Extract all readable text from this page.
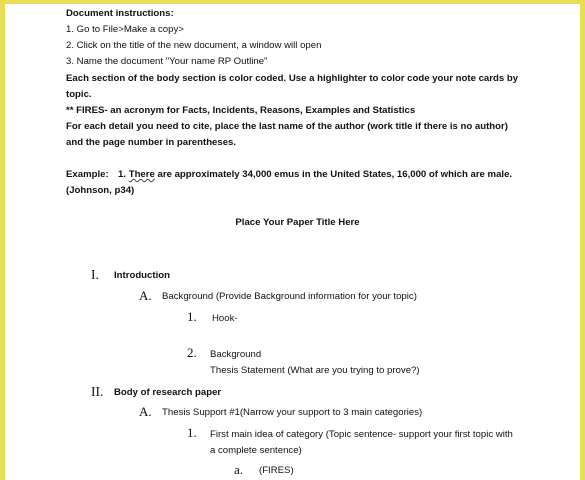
Document instructions:
1. Go to File>Make a copy>
2. Click on the title of the new document, a window will open
3. Name the document "Your name RP Outline"
Each section of the body section is color coded. Use a highlighter to color code your note cards by
topic.
** FIRES- an acronym for Facts, Incidents, Reasons, Examples and Statistics
For each detail you need to cite, place the last name of the author (work title if there is no author)
and the page number in parentheses.
Example: 1. There are approximately 34,000 emus in the United States, 16,000 of which are male.
(Johnson, p34)
Place Your Paper Title Here
I. Introduction
A. Background (Provide Background information for your topic)
1. Hook-
2. Background
Thesis Statement (What are you trying to prove?)
II. Body of research paper
A. Thesis Support #1(Narrow your support to 3 main categories)
1. First main idea of category (Topic sentence- support your first topic with
a complete sentence)
a. (FIRES)
